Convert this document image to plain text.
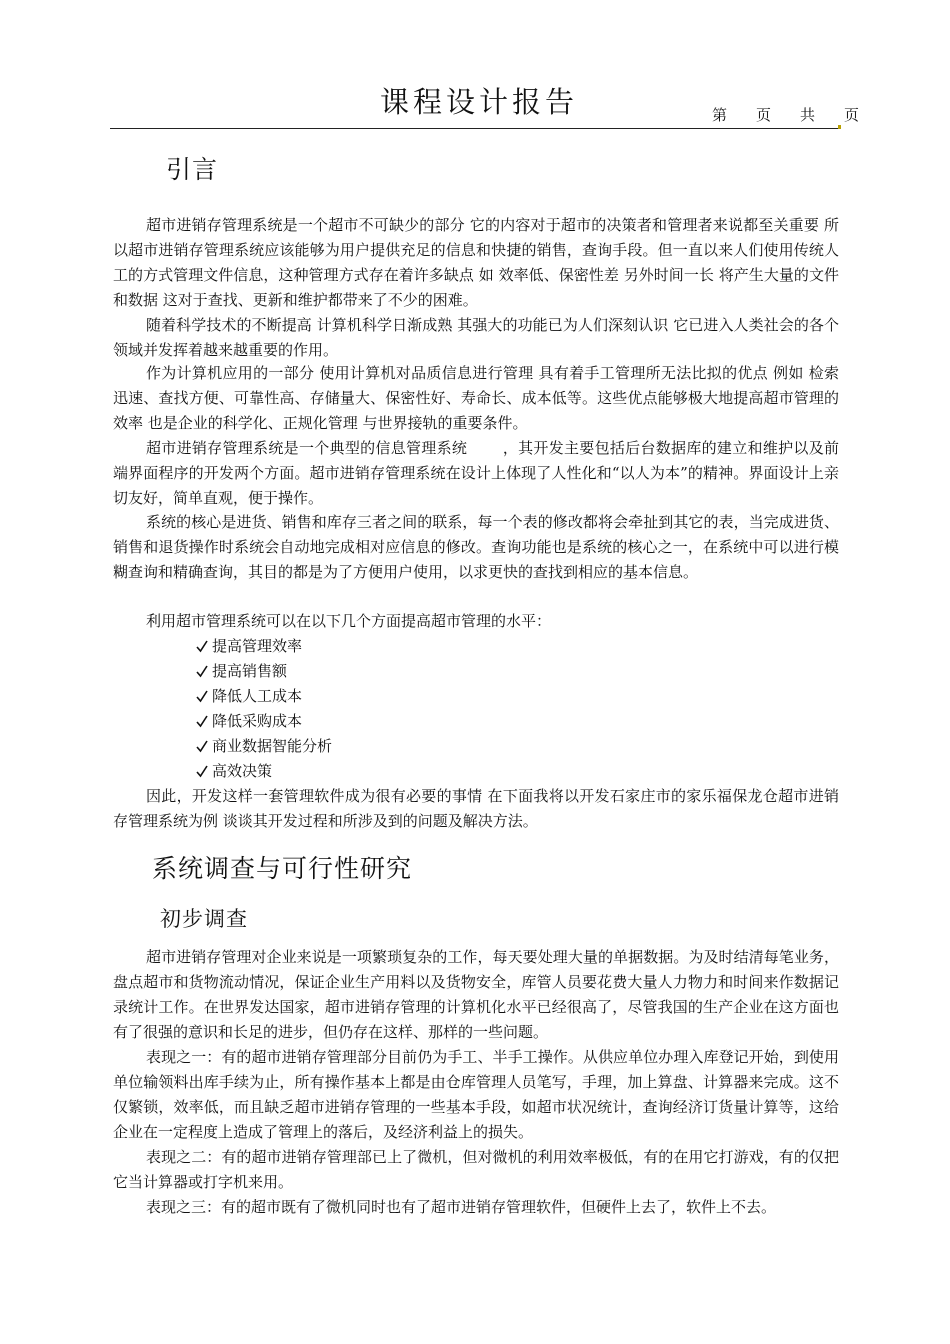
课程设计报告	第 页 共 页
引言

超市进销存管理系统是一个超市不可缺少的部分 它的内容对于超市的决策者和管理者来说都至关重要 所以超市进销存管理系统应该能够为用户提供充足的信息和快捷的销售，查询手段。但一直以来人们使用传统人工的方式管理文件信息，这种管理方式存在着许多缺点 如 效率低、保密性差 另外时间一长 将产生大量的文件和数据 这对于查找、更新和维护都带来了不少的困难。

随着科学技术的不断提高 计算机科学日渐成熟 其强大的功能已为人们深刻认识 它已进入人类社会的各个领域并发挥着越来越重要的作用。

作为计算机应用的一部分 使用计算机对品质信息进行管理 具有着手工管理所无法比拟的优点 例如 检索迅速、查找方便、可靠性高、存储量大、保密性好、寿命长、成本低等。这些优点能够极大地提高超市管理的效率 也是企业的科学化、正规化管理 与世界接轨的重要条件。

超市进销存管理系统是一个典型的信息管理系统 　　，其开发主要包括后台数据库的建立和维护以及前端界面程序的开发两个方面。超市进销存管理系统在设计上体现了人性化和“以人为本”的精神。界面设计上亲切友好，简单直观，便于操作。

系统的核心是进货、销售和库存三者之间的联系，每一个表的修改都将会牵扯到其它的表，当完成进货、销售和退货操作时系统会自动地完成相对应信息的修改。查询功能也是系统的核心之一，在系统中可以进行模糊查询和精确查询，其目的都是为了方便用户使用，以求更快的查找到相应的基本信息。

利用超市管理系统可以在以下几个方面提高超市管理的水平：

提高管理效率
提高销售额
降低人工成本
降低采购成本
商业数据智能分析
高效决策

因此，开发这样一套管理软件成为很有必要的事情 在下面我将以开发石家庄市的家乐福保龙仓超市进销存管理系统为例 谈谈其开发过程和所涉及到的问题及解决方法。

系统调查与可行性研究
初步调查

超市进销存管理对企业来说是一项繁琐复杂的工作，每天要处理大量的单据数据。为及时结清每笔业务，盘点超市和货物流动情况，保证企业生产用料以及货物安全，库管人员要花费大量人力物力和时间来作数据记录统计工作。在世界发达国家，超市进销存管理的计算机化水平已经很高了，尽管我国的生产企业在这方面也有了很强的意识和长足的进步，但仍存在这样、那样的一些问题。

表现之一：有的超市进销存管理部分目前仍为手工、半手工操作。从供应单位办理入库登记开始，到使用单位输领料出库手续为止，所有操作基本上都是由仓库管理人员笔写，手理，加上算盘、计算器来完成。这不仅繁锁，效率低，而且缺乏超市进销存管理的一些基本手段，如超市状况统计，查询经济订货量计算等，这给企业在一定程度上造成了管理上的落后，及经济利益上的损失。

表现之二：有的超市进销存管理部已上了微机，但对微机的利用效率极低，有的在用它打游戏，有的仅把它当计算器或打字机来用。

表现之三：有的超市既有了微机同时也有了超市进销存管理软件，但硬件上去了，软件上不去。
